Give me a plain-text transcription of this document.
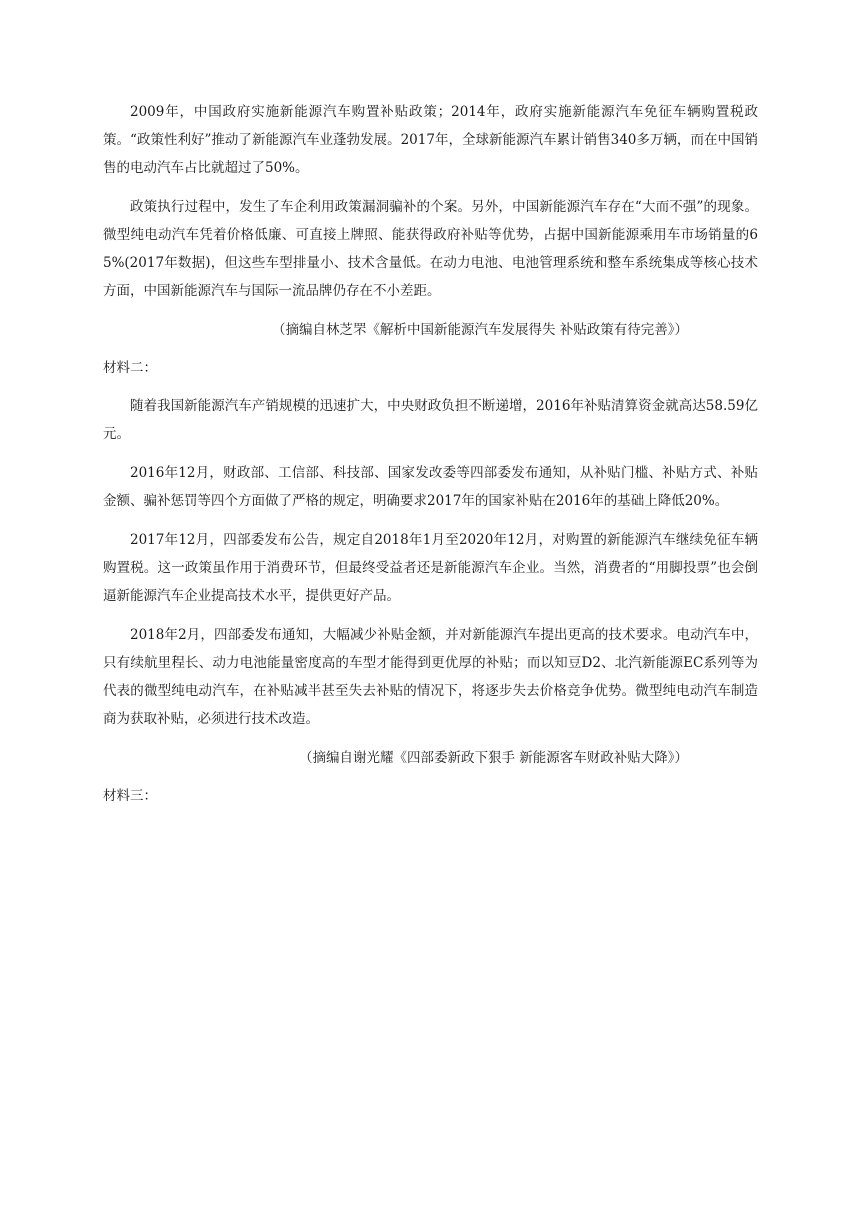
2009年，中国政府实施新能源汽车购置补贴政策；2014年，政府实施新能源汽车免征车辆购置税政策。“政策性利好”推动了新能源汽车业蓬勃发展。2017年，全球新能源汽车累计销售340多万辆，而在中国销售的电动汽车占比就超过了50%。

政策执行过程中，发生了车企利用政策漏洞骗补的个案。另外，中国新能源汽车存在“大而不强”的现象。微型纯电动汽车凭着价格低廉、可直接上牌照、能获得政府补贴等优势，占据中国新能源乘用车市场销量的65%(2017年数据)，但这些车型排量小、技术含量低。在动力电池、电池管理系统和整车系统集成等核心技术方面，中国新能源汽车与国际一流品牌仍存在不小差距。

（摘编自林芝罘《解析中国新能源汽车发展得失 补贴政策有待完善》）

材料二：

随着我国新能源汽车产销规模的迅速扩大，中央财政负担不断递增，2016年补贴清算资金就高达58.59亿元。

2016年12月，财政部、工信部、科技部、国家发改委等四部委发布通知，从补贴门槛、补贴方式、补贴金额、骗补惩罚等四个方面做了严格的规定，明确要求2017年的国家补贴在2016年的基础上降低20%。

2017年12月，四部委发布公告，规定自2018年1月至2020年12月，对购置的新能源汽车继续免征车辆购置税。这一政策虽作用于消费环节，但最终受益者还是新能源汽车企业。当然，消费者的“用脚投票”也会倒逼新能源汽车企业提高技术水平，提供更好产品。

2018年2月，四部委发布通知，大幅减少补贴金额，并对新能源汽车提出更高的技术要求。电动汽车中，只有续航里程长、动力电池能量密度高的车型才能得到更优厚的补贴；而以知豆D2、北汽新能源EC系列等为代表的微型纯电动汽车，在补贴减半甚至失去补贴的情况下，将逐步失去价格竞争优势。微型纯电动汽车制造商为获取补贴，必须进行技术改造。

（摘编自谢光耀《四部委新政下狠手 新能源客车财政补贴大降》）

材料三：
